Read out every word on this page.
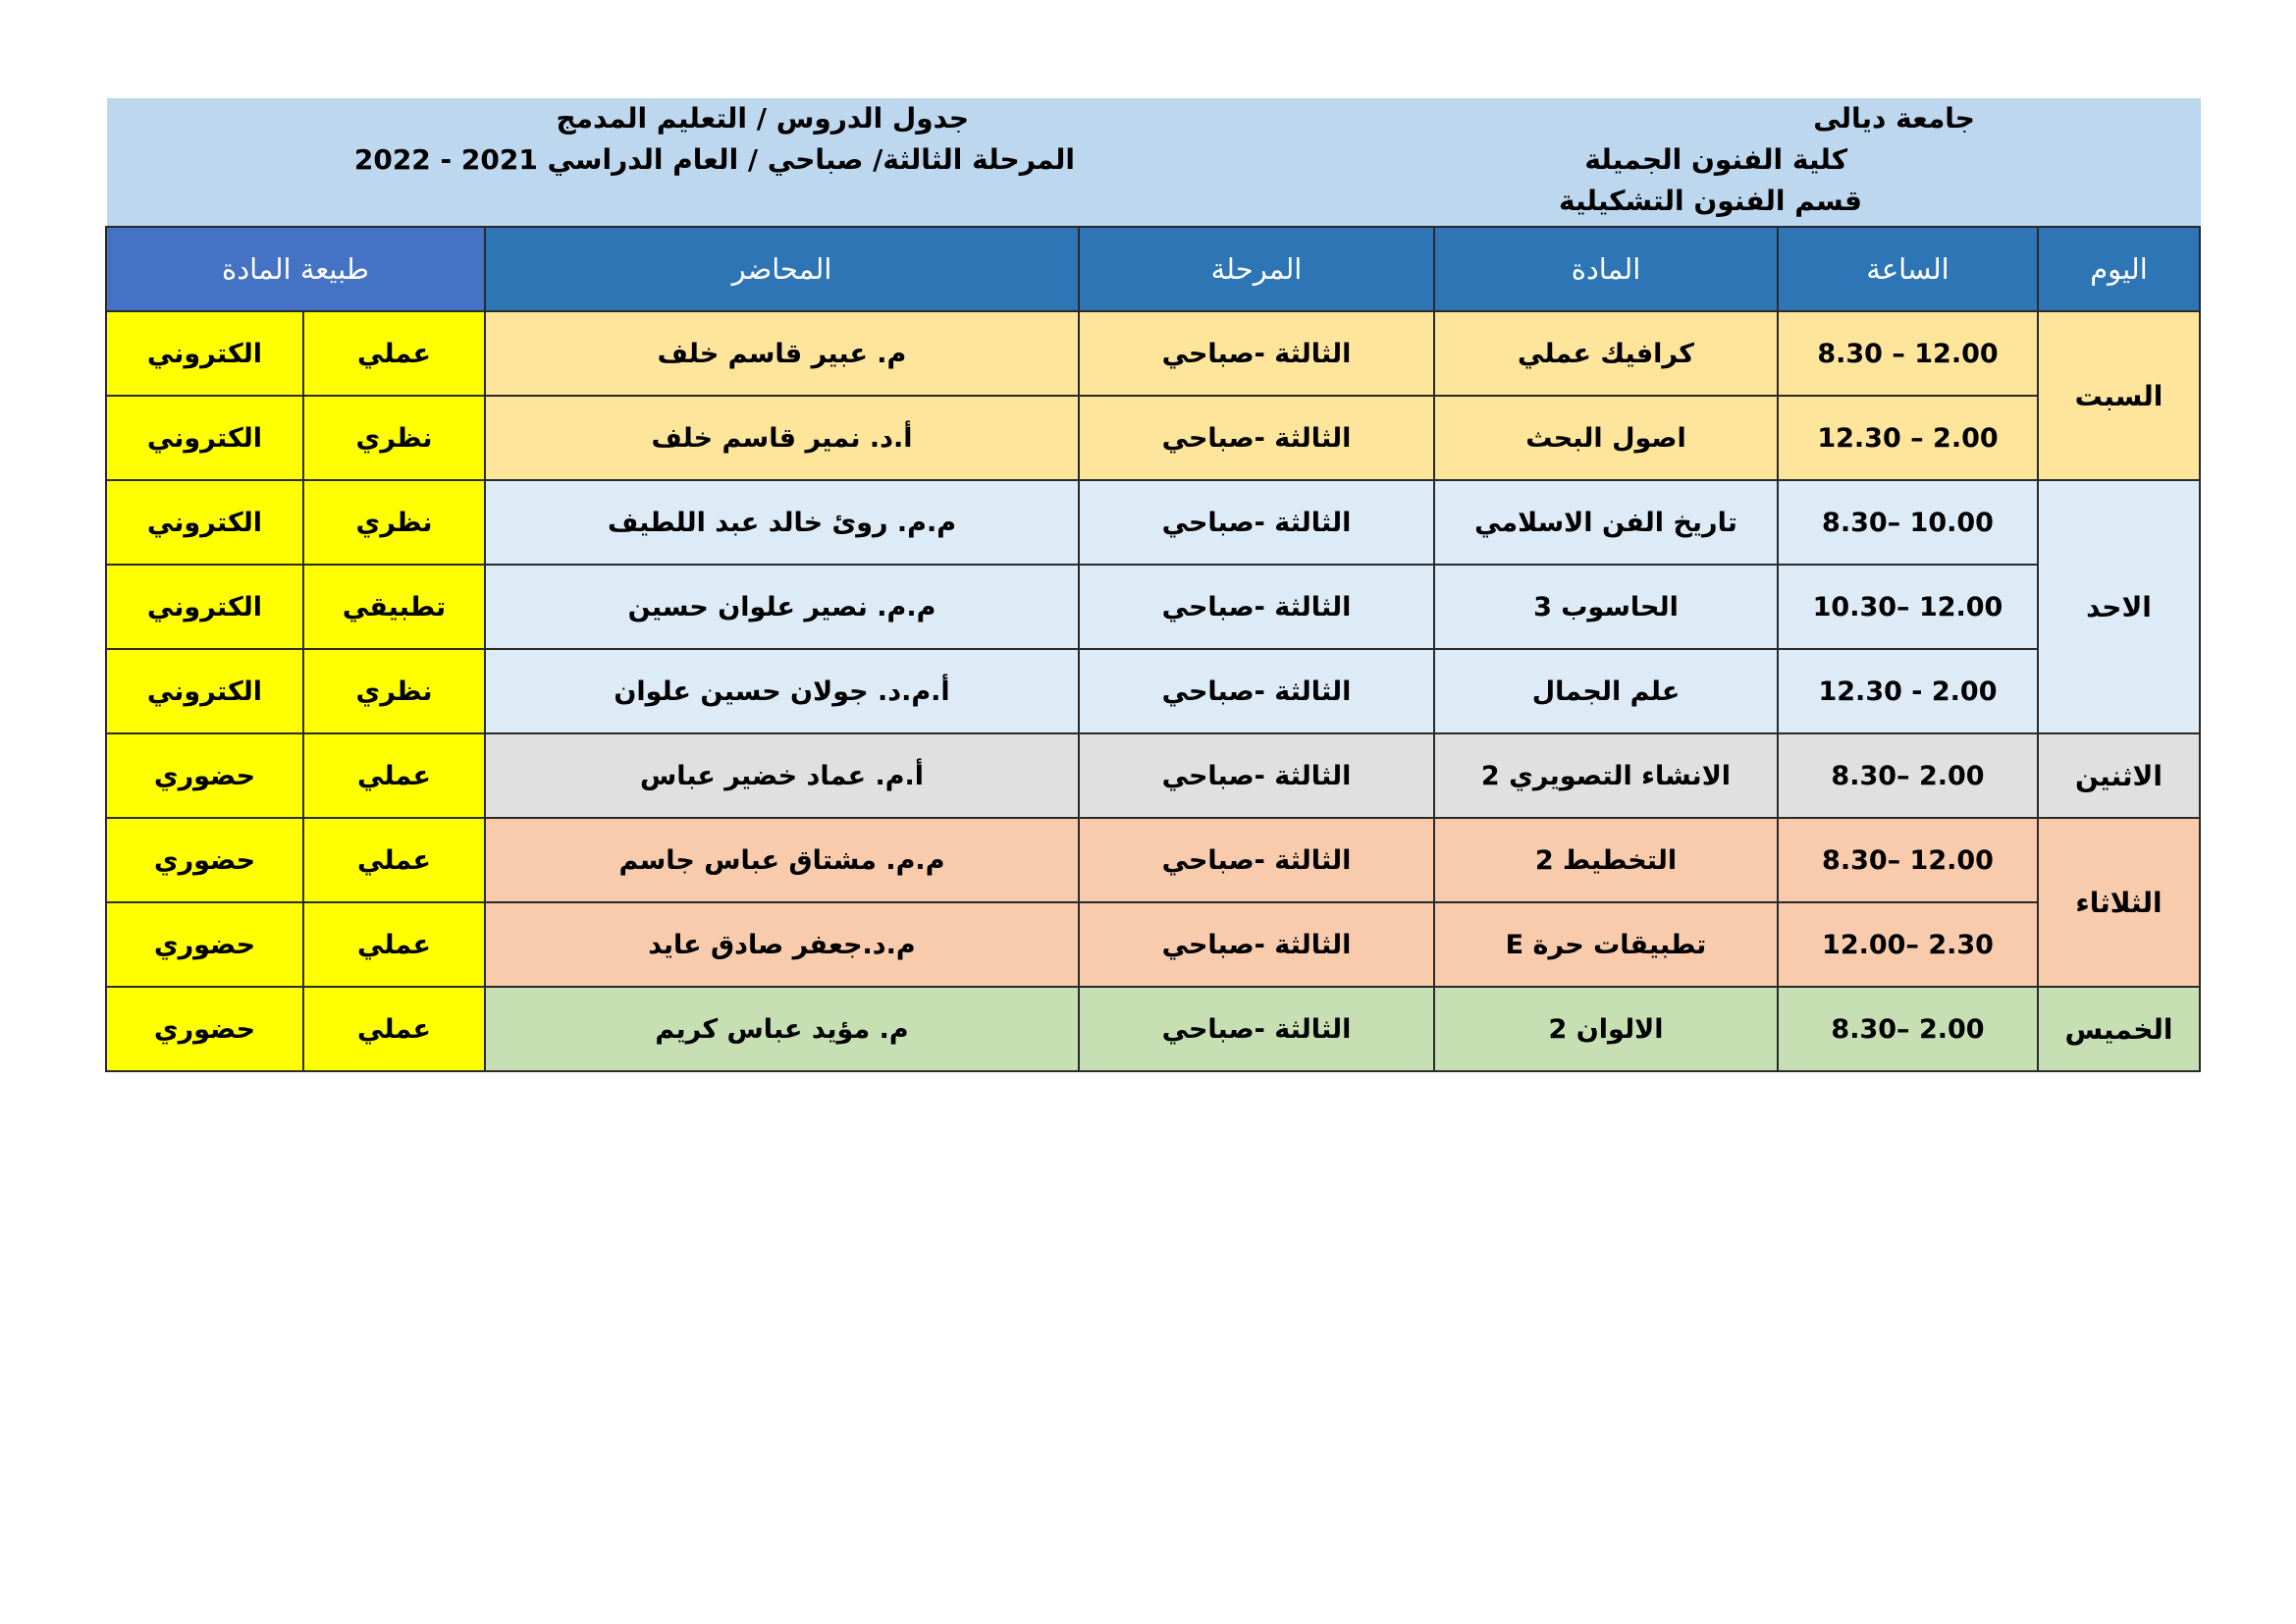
جامعة ديالى
كلية الفنون الجميلة
قسم الفنون التشكيلية
جدول الدروس / التعليم المدمج
المرحلة الثالثة/ صباحي / العام الدراسي 2021 - 2022
اليوم	الساعة	المادة	المرحلة	المحاضر	طبيعة المادة	
السبت	8.30 – 12.00	كرافيك عملي	الثالثة -صباحي	م. عبير قاسم خلف	عملي	الكتروني
	12.30 – 2.00	اصول البحث	الثالثة -صباحي	أ.د. نمير قاسم خلف	نظري	الكتروني
الاحد	8.30– 10.00	تاريخ الفن الاسلامي	الثالثة -صباحي	م.م. روئ خالد عبد اللطيف	نظري	الكتروني
	10.30– 12.00	الحاسوب 3	الثالثة -صباحي	م.م. نصير علوان حسين	تطبيقي	الكتروني
	12.30 - 2.00	علم الجمال	الثالثة -صباحي	أ.م.د. جولان حسين علوان	نظري	الكتروني
الاثنين	8.30– 2.00	الانشاء التصويري 2	الثالثة -صباحي	أ.م. عماد خضير عباس	عملي	حضوري
الثلاثاء	8.30– 12.00	التخطيط 2	الثالثة -صباحي	م.م. مشتاق عباس جاسم	عملي	حضوري
	12.00– 2.30	تطبيقات حرة E	الثالثة -صباحي	م.د.جعفر صادق عايد	عملي	حضوري
الخميس	8.30– 2.00	الالوان 2	الثالثة -صباحي	م. مؤيد عباس كريم	عملي	حضوري
